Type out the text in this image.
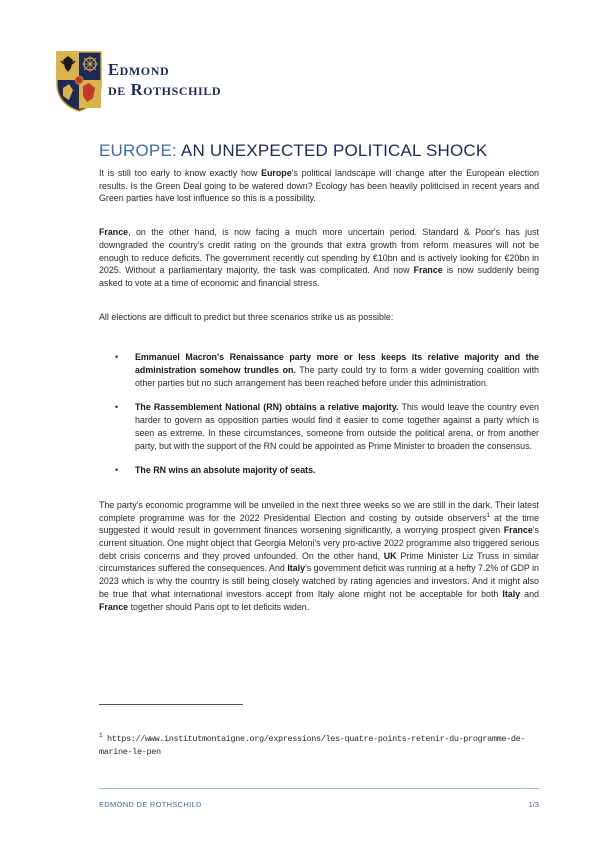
Edmond
de Rothschild
EUROPE: AN UNEXPECTED POLITICAL SHOCK

It is still too early to know exactly how Europe's political landscape will change after the European election results. Is the Green Deal going to be watered down? Ecology has been heavily politicised in recent years and Green parties have lost influence so this is a possibility.

France, on the other hand, is now facing a much more uncertain period. Standard & Poor's has just downgraded the country's credit rating on the grounds that extra growth from reform measures will not be enough to reduce deficits. The government recently cut spending by €10bn and is actively looking for €20bn in 2025. Without a parliamentary majority, the task was complicated. And now France is now suddenly being asked to vote at a time of economic and financial stress.

All elections are difficult to predict but three scenarios strike us as possible:

• Emmanuel Macron's Renaissance party more or less keeps its relative majority and the administration somehow trundles on. The party could try to form a wider governing coalition with other parties but no such arrangement has been reached before under this administration.
• The Rassemblement National (RN) obtains a relative majority. This would leave the country even harder to govern as opposition parties would find it easier to come together against a party which is seen as extreme. In these circumstances, someone from outside the political arena, or from another party, but with the support of the RN could be appointed as Prime Minister to broaden the consensus.
• The RN wins an absolute majority of seats.

The party's economic programme will be unveiled in the next three weeks so we are still in the dark. Their latest complete programme was for the 2022 Presidential Election and costing by outside observers$^1$ at the time suggested it would result in government finances worsening significantly, a worrying prospect given France's current situation. One might object that Georgia Meloni's very pro-active 2022 programme also triggered serious debt crisis concerns and they proved unfounded. On the other hand, UK Prime Minister Liz Truss in similar circumstances suffered the consequences. And Italy's government deficit was running at a hefty 7.2% of GDP in 2023 which is why the country is still being closely watched by rating agencies and investors. And it might also be true that what international investors accept from Italy alone might not be acceptable for both Italy and France together should Paris opt to let deficits widen.

$^1$ https://www.institutmontaigne.org/expressions/les-quatre-points-retenir-du-programme-de-marine-le-pen
EDMOND DE ROTHSCHILD	1/3
